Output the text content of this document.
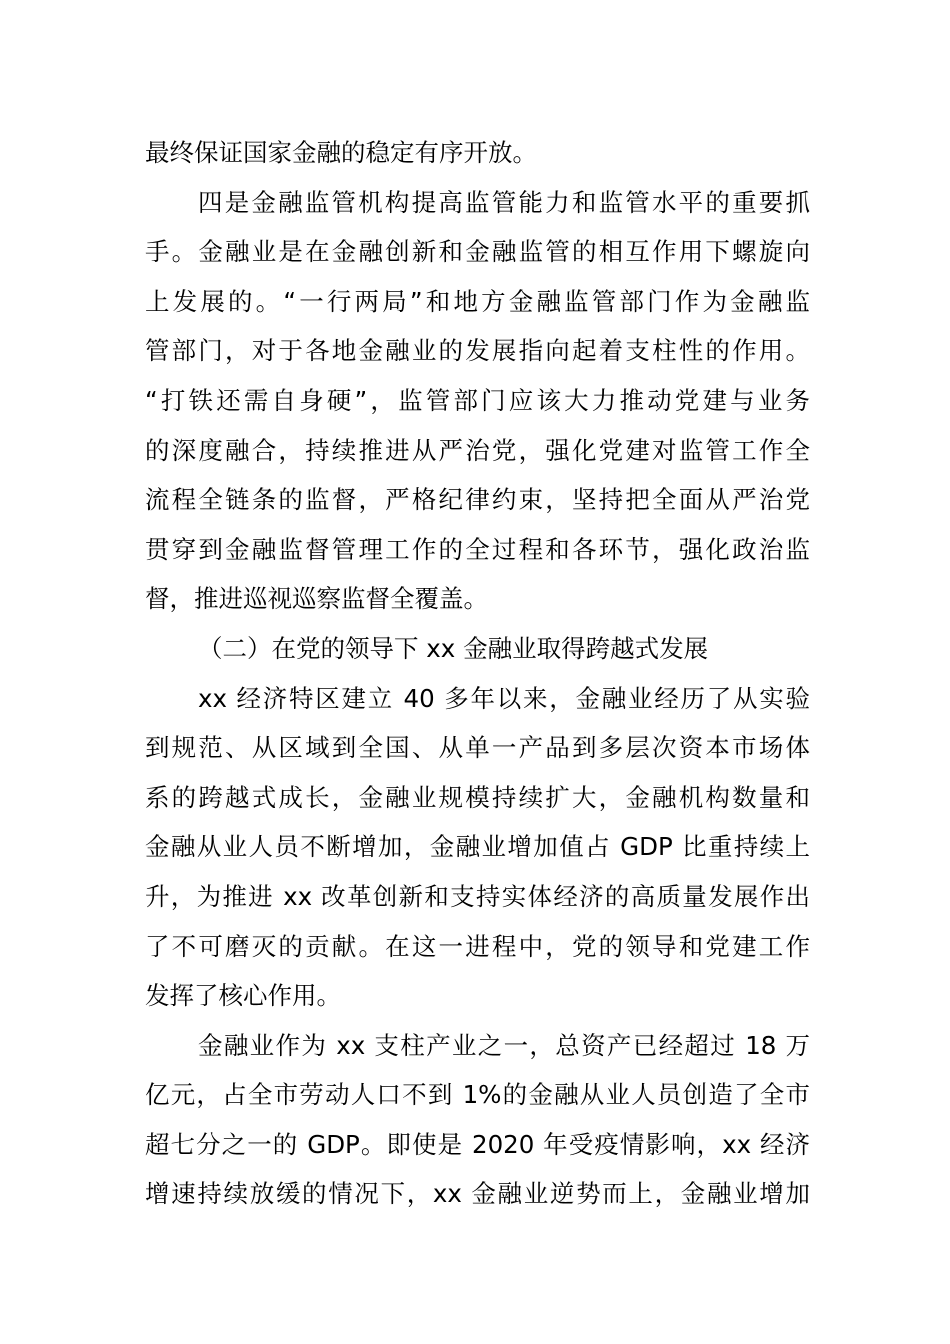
最终保证国家金融的稳定有序开放。
四是金融监管机构提高监管能力和监管水平的重要抓
手。金融业是在金融创新和金融监管的相互作用下螺旋向
上发展的。“一行两局”和地方金融监管部门作为金融监
管部门，对于各地金融业的发展指向起着支柱性的作用。
“打铁还需自身硬”，监管部门应该大力推动党建与业务
的深度融合，持续推进从严治党，强化党建对监管工作全
流程全链条的监督，严格纪律约束，坚持把全面从严治党
贯穿到金融监督管理工作的全过程和各环节，强化政治监
督，推进巡视巡察监督全覆盖。
（二）在党的领导下 xx 金融业取得跨越式发展
xx 经济特区建立 40 多年以来，金融业经历了从实验
到规范、从区域到全国、从单一产品到多层次资本市场体
系的跨越式成长，金融业规模持续扩大，金融机构数量和
金融从业人员不断增加，金融业增加值占 GDP 比重持续上
升，为推进 xx 改革创新和支持实体经济的高质量发展作出
了不可磨灭的贡献。在这一进程中，党的领导和党建工作
发挥了核心作用。
金融业作为 xx 支柱产业之一，总资产已经超过 18 万
亿元，占全市劳动人口不到 1%的金融从业人员创造了全市
超七分之一的 GDP。即使是 2020 年受疫情影响，xx 经济
增速持续放缓的情况下，xx 金融业逆势而上，金融业增加
